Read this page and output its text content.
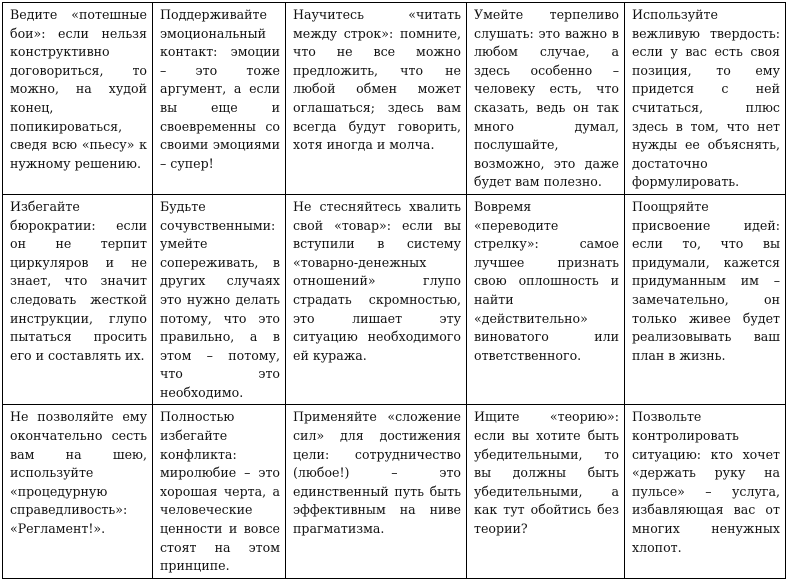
Ведите «потешные бои»: если нельзя конструктивно договориться, то можно, на худой конец, попикироваться, сведя всю «пьесу» к нужному решению.	Поддерживайте эмоциональный контакт: эмоции – это тоже аргумент, а если вы еще и своевременны со своими эмоциями – супер!	Научитесь «читать между строк»: помните, что не все можно предложить, что не любой обмен может оглашаться; здесь вам всегда будут говорить, хотя иногда и молча.	Умейте терпеливо слушать: это важно в любом случае, а здесь особенно – человеку есть, что сказать, ведь он так много думал, послушайте, возможно, это даже будет вам полезно.	Используйте вежливую твердость: если у вас есть своя позиция, то ему придется с ней считаться, плюс здесь в том, что нет нужды ее объяснять, достаточно формулировать.
Избегайте бюрократии: если он не терпит циркуляров и не знает, что значит следовать жесткой инструкции, глупо пытаться просить его и составлять их.	Будьте сочувственными: умейте сопереживать, в других случаях это нужно делать потому, что это правильно, а в этом – потому, что это необходимо.	Не стесняйтесь хвалить свой «товар»: если вы вступили в систему «товарно-денежных отношений» глупо страдать скромностью, это лишает эту ситуацию необходимого ей куража.	Вовремя «переводите стрелку»: самое лучшее признать свою оплошность и найти «действительно» виноватого или ответственного.	Поощряйте присвоение идей: если то, что вы придумали, кажется придуманным им – замечательно, он только живее будет реализовывать ваш план в жизнь.
Не позволяйте ему окончательно сесть вам на шею, используйте «процедурную справедливость»: «Регламент!».	Полностью избегайте конфликта: миролюбие – это хорошая черта, а человеческие ценности и вовсе стоят на этом принципе.	Применяйте «сложение сил» для достижения цели: сотрудничество (любое!) – это единственный путь быть эффективным на ниве прагматизма.	Ищите «теорию»: если вы хотите быть убедительными, то вы должны быть убедительными, а как тут обойтись без теории?	Позвольте контролировать ситуацию: кто хочет «держать руку на пульсе» – услуга, избавляющая вас от многих ненужных хлопот.
